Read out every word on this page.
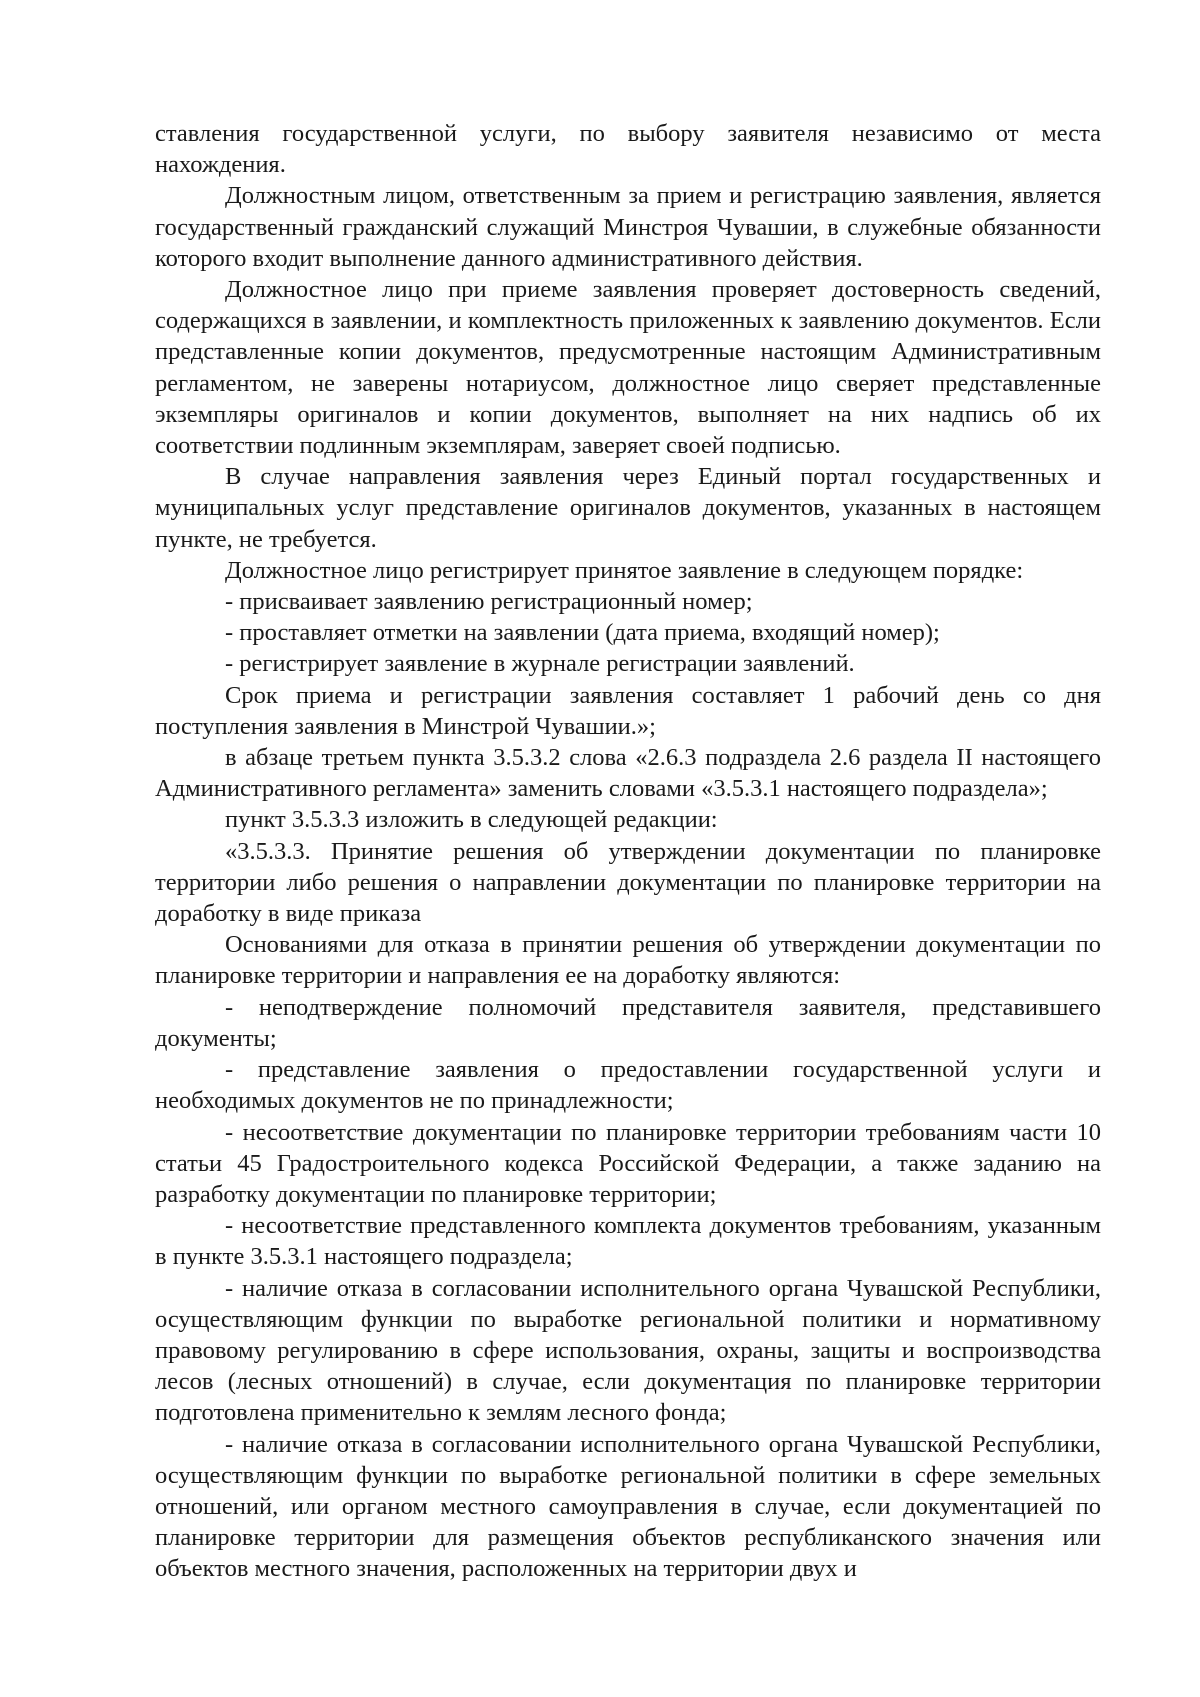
ставления государственной услуги, по выбору заявителя независимо от места нахождения.

Должностным лицом, ответственным за прием и регистрацию заявления, является государственный гражданский служащий Минстроя Чувашии, в служебные обязанности которого входит выполнение данного административного действия.

Должностное лицо при приеме заявления проверяет достоверность сведений, содержащихся в заявлении, и комплектность приложенных к заявлению документов. Если представленные копии документов, предусмотренные настоящим Административным регламентом, не заверены нотариусом, должностное лицо сверяет представленные экземпляры оригиналов и копии документов, выполняет на них надпись об их соответствии подлинным экземплярам, заверяет своей подписью.

В случае направления заявления через Единый портал государственных и муниципальных услуг представление оригиналов документов, указанных в настоящем пункте, не требуется.

Должностное лицо регистрирует принятое заявление в следующем порядке:

- присваивает заявлению регистрационный номер;

- проставляет отметки на заявлении (дата приема, входящий номер);

- регистрирует заявление в журнале регистрации заявлений.

Срок приема и регистрации заявления составляет 1 рабочий день со дня поступления заявления в Минстрой Чувашии.»;

в абзаце третьем пункта 3.5.3.2 слова «2.6.3 подраздела 2.6 раздела II настоящего Административного регламента» заменить словами «3.5.3.1 настоящего подраздела»;

пункт 3.5.3.3 изложить в следующей редакции:

«3.5.3.3. Принятие решения об утверждении документации по планировке территории либо решения о направлении документации по планировке территории на доработку в виде приказа

Основаниями для отказа в принятии решения об утверждении документации по планировке территории и направления ее на доработку являются:

- неподтверждение полномочий представителя заявителя, представившего документы;

- представление заявления о предоставлении государственной услуги и необходимых документов не по принадлежности;

- несоответствие документации по планировке территории требованиям части 10 статьи 45 Градостроительного кодекса Российской Федерации, а также заданию на разработку документации по планировке территории;

- несоответствие представленного комплекта документов требованиям, указанным в пункте 3.5.3.1 настоящего подраздела;

- наличие отказа в согласовании исполнительного органа Чувашской Республики, осуществляющим функции по выработке региональной политики и нормативному правовому регулированию в сфере использования, охраны, защиты и воспроизводства лесов (лесных отношений) в случае, если документация по планировке территории подготовлена применительно к землям лесного фонда;

- наличие отказа в согласовании исполнительного органа Чувашской Республики, осуществляющим функции по выработке региональной политики в сфере земельных отношений, или органом местного самоуправления в случае, если документацией по планировке территории для размещения объектов республиканского значения или объектов местного значения, расположенных на территории двух и
